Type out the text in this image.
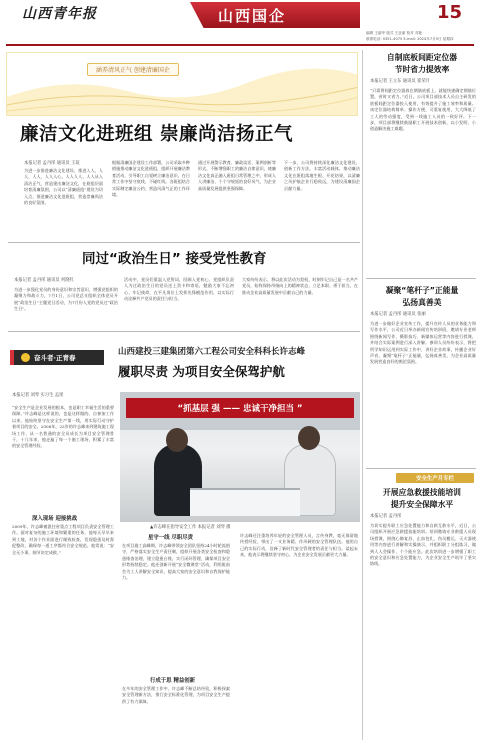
山西青年报	山西国企	15
编辑 王丽华 版式 王亚丽 校对 邓艳
联系电话: 0351-4075 E-mail: 2024年7月5日 星期四
涵养清风正气 创建清廉国企
廉洁文化进班组 崇廉尚洁扬正气
本报记者 孟丹彤 通讯员 王瑄
为进一步推进廉洁文化建设，推进入人、人人、人人、人人入心，人人人人、人人从入清洁正气，营造建出廉洁文化，在班组层面培育清廉氛围，公司以“清廉班组”建设为切入点，推进廉洁文化进班组，营造崇廉尚洁的良好氛围。
根据清廉国企建设工作部署，公司采取多种措施推动廉洁文化进班组，组织开展廉洁教育活动，引导职工自觉树立廉洁意识，在日常工作中坚守底线、不碰红线。各班组结合实际制定廉洁公约，营造风清气正的工作环境。
通过开展警示教育、廉政谈话、案例剖析等形式，不断增强职工的廉洁自律意识，使廉洁文化真正融入班组日常管理之中，形成人人讲廉洁、个个守规矩的良好风气，为企业高质量发展提供坚强保障。
下一步，公司将持续深化廉洁文化建设，创新工作方法，丰富活动载体，推动廉洁文化在班组落地生根、开花结果，以清廉之风护航企业行稳致远，为建设清廉国企贡献力量。
同过“政治生日” 接受党性教育
本报记者 孟丹彤 通讯员 何晓红
为进一步强化党员的身份意识和宗旨意识，增强党组织的凝聚力和战斗力，7月1日，公司党总支组织全体党员开展“政治生日”主题党日活动，为7月份入党的党员过“政治生日”。
活动中，党员们重温入党誓词，回顾入党初心，党组织负责人为过政治生日的党员送上贺卡和寄语，勉励大家不忘初心、牢记使命，在平凡岗位上发挥先锋模范作用，以实际行动诠释共产党员的责任与担当。
大家纷纷表示，将以此次活动为契机，时刻牢记自己是一名共产党员，始终保持昂扬向上的精神状态，立足本职、勇于担当，在推动企业高质量发展中贡献自己的力量。
奋斗者·正青春
山西建投三建集团第六工程公司安全科科长许志峰
履职尽责 为项目安全保驾护航
本报记者 刘琴 实习生 孟瑶
“抓基层 强 —— 忠诚干净担当 ”
▲许志峰在指导安全工作 本报记者 刘琴 摄
“安全生产是企业发展的根本，也是职工幸福生活的重要保障。”许志峰是这样说的，也是这样做的。自参加工作以来，他始终坚守在安全生产第一线，用实际行动守护着项目的安全。2006年，23岁的许志峰来到建筑施工现场工作，从一名普通的安全员成长为项目安全管理骨干，十几年来，他走遍了每一个施工现场，积累了丰富的安全管理经验。
深入现场 迎接挑战
2009年，许志峰被派往省重点工程项目负责安全管理工作。面对复杂的施工环境和繁重的任务，他每天早早来到工地，对各个作业面进行细致检查，发现隐患及时督促整改，确保每一道工序都符合安全规范。他常说：“安全无小事，细节决定成败。”
星守一线 尽职尽责
在项目施工高峰期，许志峰带领安全团队坚持24小时轮流值守，严格落实安全生产责任制，组织开展各类安全检查和隐患排查治理，建立隐患台账，实行闭环管理，确保项目安全形势持续稳定。他还创新开展“安全微课堂”活动，利用班前会为工人讲解安全知识，提高大家的安全意识和自我保护能力。
行成于思 精益创新
在多年的安全管理工作中，许志峰不断总结经验，积极探索安全管理新方法，推行安全标准化管理，为项目安全生产提供了有力保障。
许志峰还注重培养年轻的安全管理人员，言传身教，毫无保留地传授经验，带出了一支业务精、作风硬的安全管理队伍。他用自己的实际行动，诠释了新时代安全管理者的责任与担当。谈起未来，他表示将继续坚守初心，为企业安全发展贡献更大力量。
自制底板间距定位器
节时省力提效率
本报记者 王立东 通讯员 崔荣月
“只需将间距定位器放在钢筋底板上，就能快速确定钢筋位置，省时又省力。”近日，公司项目部技术人员自主研发的底板间距定位器投入使用，有效提升了施工效率和质量。该定位器结构简单、操作方便，可重复使用，大大降低了工人的劳动强度，受到一线施工人员的一致好评。下一步，项目部将继续鼓励职工开展技术创新，以小发明、小创造解决施工难题。
凝聚“笔杆子”正能量
弘扬真善美
本报记者 孟丹彤 通讯员 张丽
为进一步做好企业宣传工作，提升宣传人员的业务能力和写作水平，公司近日举办新闻宣传培训班，邀请专业老师围绕新闻写作、摄影技巧、新媒体运营等内容进行授课，并结合实际案例进行深入讲解。参训人员纷纷表示，将把所学知识运用到实际工作中，讲好企业故事，传播企业好声音，凝聚“笔杆子”正能量，弘扬真善美，为企业高质量发展营造良好的舆论氛围。
安全生产月专栏
开展应急救援技能培训
提升安全保障水平
本报记者 孟丹彤
为切实提升职工应急处置能力和自救互救水平，近日，公司组织开展应急救援技能培训。培训邀请专业救援人员现场授课，围绕心肺复苏、止血包扎、伤员搬运、灭火器使用等内容进行讲解和实操演示，并组织职工分组练习，做到人人会操作、个个能应急。此次培训进一步增强了职工的安全意识和应急处置能力，为企业安全生产筑牢了坚实防线。
